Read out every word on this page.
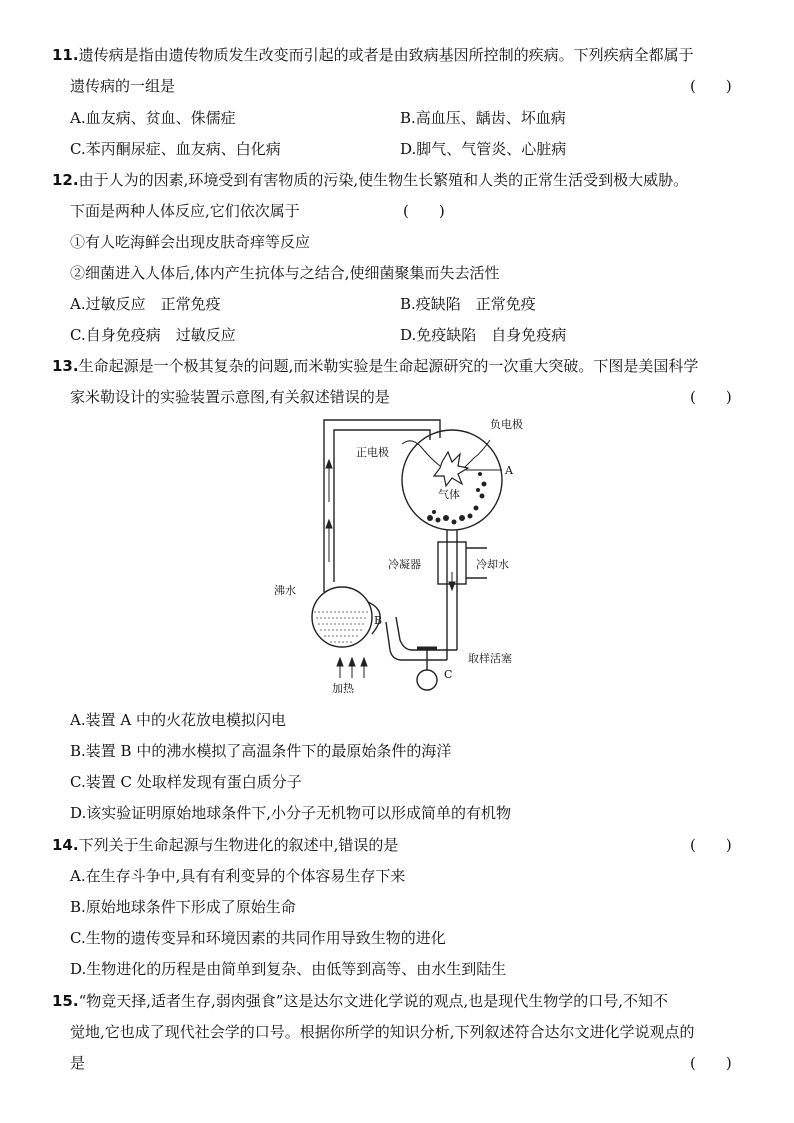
11.遗传病是指由遗传物质发生改变而引起的或者是由致病基因所控制的疾病。下列疾病全都属于
遗传病的一组是	(　　)
A.血友病、贫血、侏儒症	B.高血压、龋齿、坏血病
C.苯丙酮尿症、血友病、白化病	D.脚气、气管炎、心脏病
12.由于人为的因素,环境受到有害物质的污染,使生物生长繁殖和人类的正常生活受到极大威胁。
下面是两种人体反应,它们依次属于	(　　)
①有人吃海鲜会出现皮肤奇痒等反应
②细菌进入人体后,体内产生抗体与之结合,使细菌聚集而失去活性
A.过敏反应　正常免疫	B.疫缺陷　正常免疫
C.自身免疫病　过敏反应	D.免疫缺陷　自身免疫病
13.生命起源是一个极其复杂的问题,而米勒实验是生命起源研究的一次重大突破。下图是美国科学
家米勒设计的实验装置示意图,有关叙述错误的是	(　　)
负电极
正电极
气体
A
冷凝器	冷却水
沸水
B
取样活塞
加热
C
A.装置 A 中的火花放电模拟闪电
B.装置 B 中的沸水模拟了高温条件下的最原始条件的海洋
C.装置 C 处取样发现有蛋白质分子
D.该实验证明原始地球条件下,小分子无机物可以形成简单的有机物
14.下列关于生命起源与生物进化的叙述中,错误的是	(　　)
A.在生存斗争中,具有有利变异的个体容易生存下来
B.原始地球条件下形成了原始生命
C.生物的遗传变异和环境因素的共同作用导致生物的进化
D.生物进化的历程是由简单到复杂、由低等到高等、由水生到陆生
15.“物竞天择,适者生存,弱肉强食”这是达尔文进化学说的观点,也是现代生物学的口号,不知不
觉地,它也成了现代社会学的口号。根据你所学的知识分析,下列叙述符合达尔文进化学说观点的
是	(　　)
